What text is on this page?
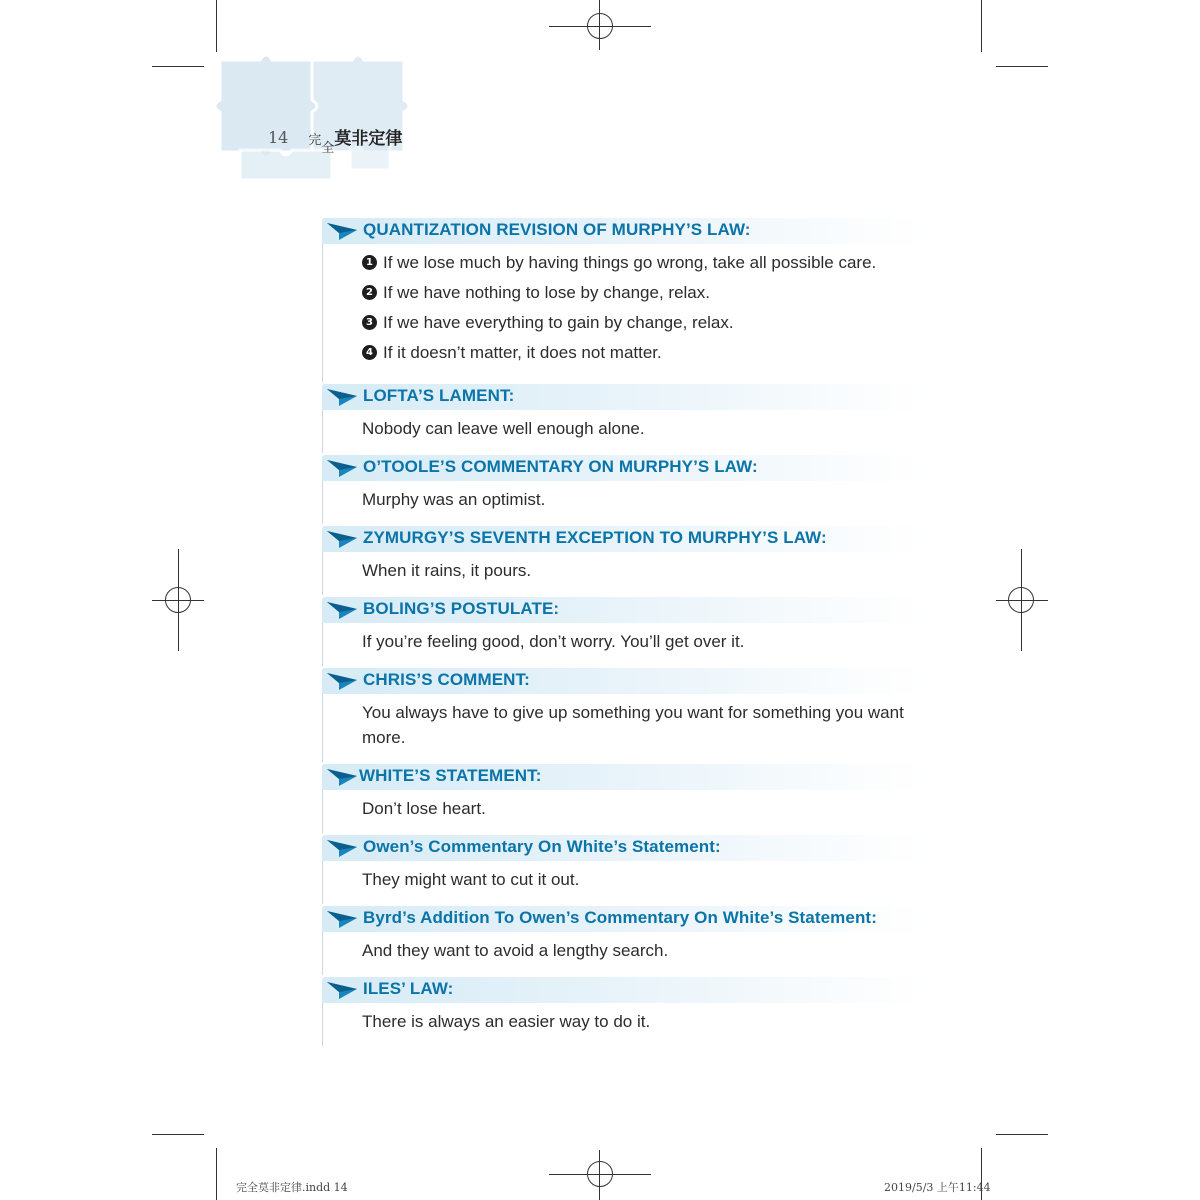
14 完$_全$莫非定律
QUANTIZATION REVISION OF MURPHY’S LAW:
1 If we lose much by having things go wrong, take all possible care.
2 If we have nothing to lose by change, relax.
3 If we have everything to gain by change, relax.
4 If it doesn’t matter, it does not matter.
LOFTA’S LAMENT:
Nobody can leave well enough alone.
O’TOOLE’S COMMENTARY ON MURPHY’S LAW:
Murphy was an optimist.
ZYMURGY’S SEVENTH EXCEPTION TO MURPHY’S LAW:
When it rains, it pours.
BOLING’S POSTULATE:
If you’re feeling good, don’t worry. You’ll get over it.
CHRIS’S COMMENT:
You always have to give up something you want for something you want more.
WHITE’S STATEMENT:
Don’t lose heart.
Owen’s Commentary On White’s Statement:
They might want to cut it out.
Byrd’s Addition To Owen’s Commentary On White’s Statement:
And they want to avoid a lengthy search.
ILES’ LAW:
There is always an easier way to do it.
完全莫非定律.indd 14	2019/5/3 上午11:44
